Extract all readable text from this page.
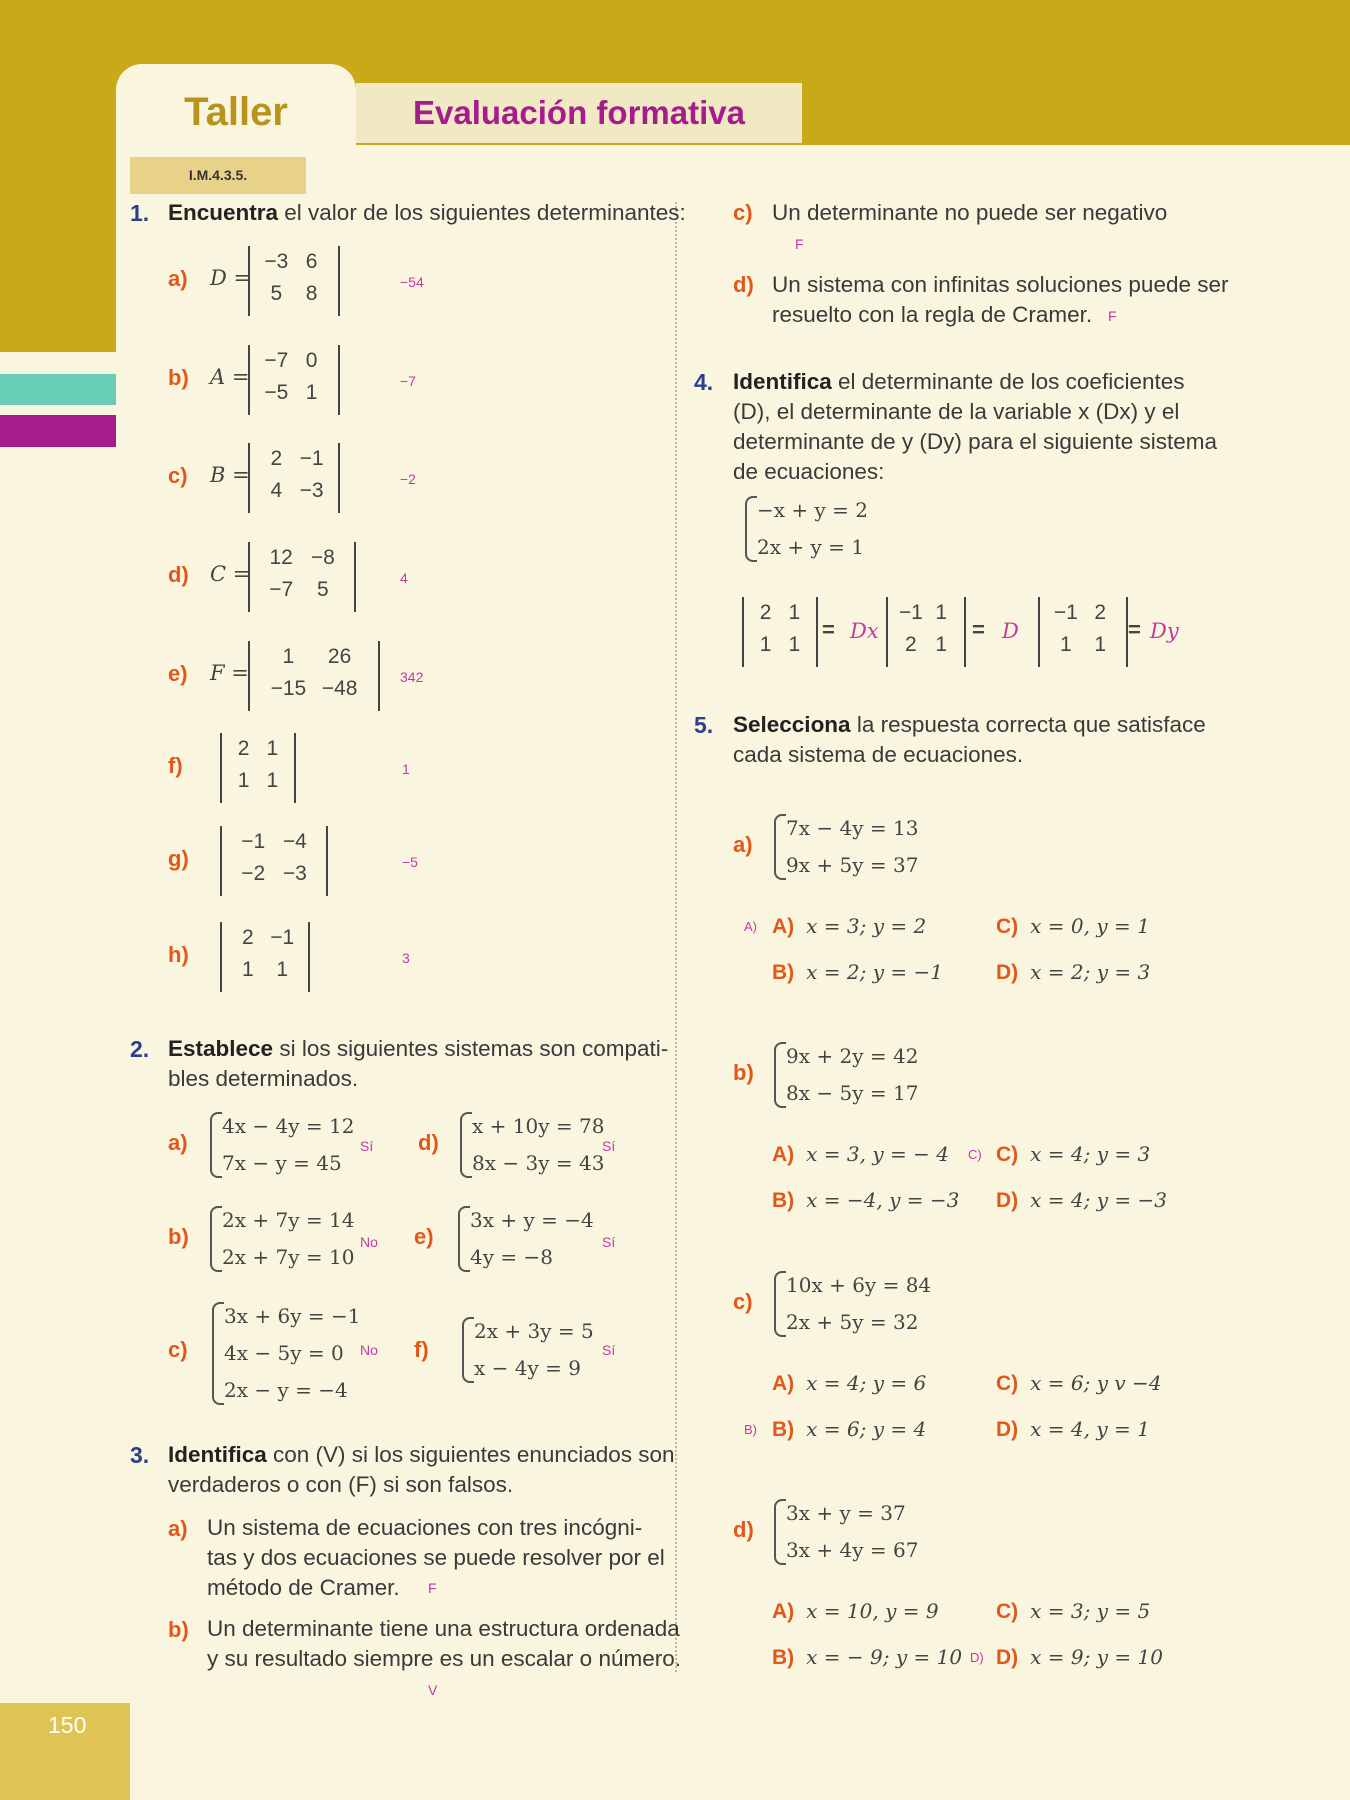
Taller	Evaluación formativa
I.M.4.3.5.
150
1. Encuentra el valor de los siguientes determinantes:
a) D =
−3 6
5	8	−54
b) A =
−7 0
−5 1	−7
c) B =
2 −1
4 −3	−2
d) C =
12 −8
−7	5	4
e) F =
1	26
−15 −48	342
f)
2 1
1 1	1
g)
−1 −4
−2 −3	−5
h)
2 −1
1	1	3
2. Establece si los siguientes sistemas son compati-
bles determinados.
a)
4x − 4y = 12
7x − y = 45
Sí
b)
2x + 7y = 14
2x + 7y = 10
No
c)
3x + 6y = −1
4x − 5y = 0
2x − y = −4
No
d)
x + 10y = 78
8x − 3y = 43
Sí
e)
3x + y = −4
4y = −8
Sí
f)
2x + 3y = 5
x − 4y = 9
Sí
3. Identifica con (V) si los siguientes enunciados son
verdaderos o con (F) si son falsos.
a) Un sistema de ecuaciones con tres incógni-
tas y dos ecuaciones se puede resolver por el
método de Cramer.	F
b) Un determinante tiene una estructura ordenada
y su resultado siempre es un escalar o número.
V
c) Un determinante no puede ser negativo
F
d) Un sistema con infinitas soluciones puede ser
resuelto con la regla de Cramer.	F
4. Identifica el determinante de los coeficientes
(D), el determinante de la variable x (Dx) y el
determinante de y (Dy) para el siguiente sistema
de ecuaciones:
−x + y = 2
2x + y = 1
2 1
1 1
= Dx
−1 1
2 1
= D
−1 2
1	1
= Dy
5. Selecciona la respuesta correcta que satisface
cada sistema de ecuaciones.
a)
7x − 4y = 13
9x + 5y = 37
A) x = 3; y = 2
B) x = 2; y = −1
C) x = 0, y = 1
D) x = 2; y = 3
A)
b)
9x + 2y = 42
8x − 5y = 17
A) x = 3, y = − 4
B) x = −4, y = −3
C) x = 4; y = 3
D) x = 4; y = −3
C)
c)
10x + 6y = 84
2x + 5y = 32
A) x = 4; y = 6
B) x = 6; y = 4
C) x = 6; y v −4
D) x = 4, y = 1
B)
d)
3x + y = 37
3x + 4y = 67
A) x = 10, y = 9
B) x = − 9; y = 10
C) x = 3; y = 5
D) x = 9; y = 10
D)
